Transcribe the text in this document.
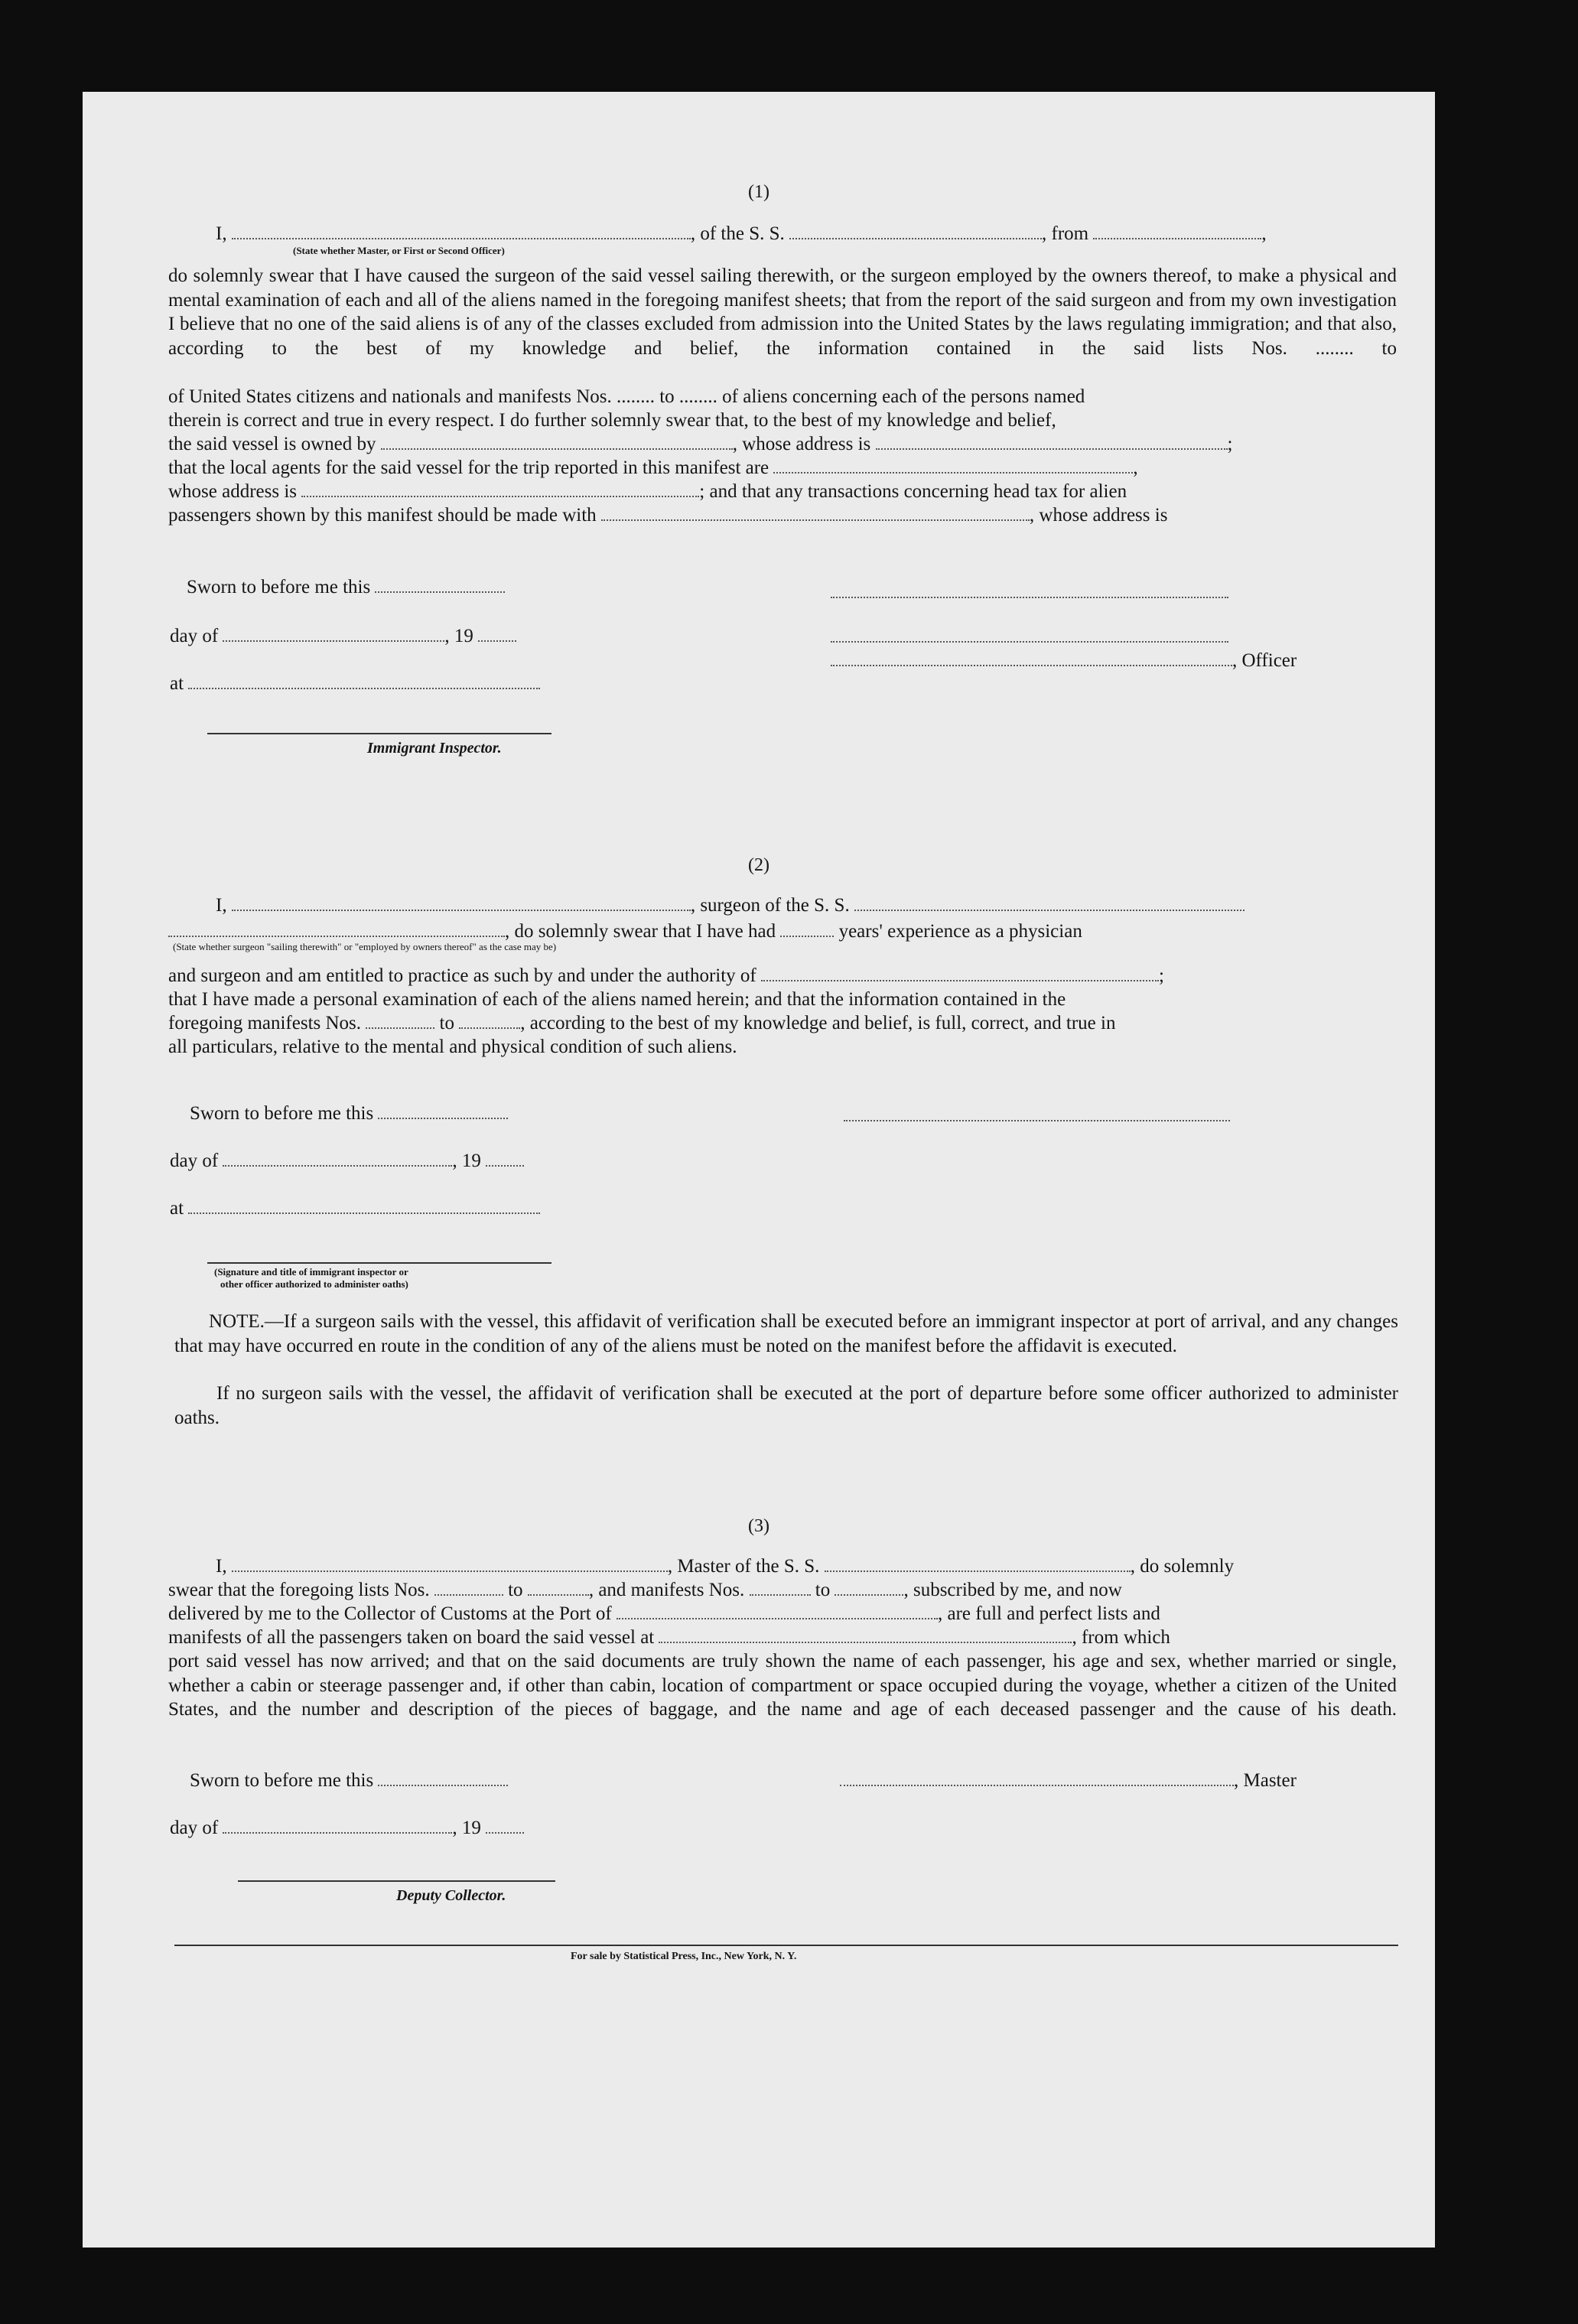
(1)
I,	, of the S. S.	, from	,
(State whether Master, or First or Second Officer)
do solemnly swear that I have caused the surgeon of the said vessel sailing therewith, or the surgeon employed by the owners thereof, to make a physical and mental examination of each and all of the aliens named in the foregoing manifest sheets; that from the report of the said surgeon and from my own investigation I believe that no one of the said aliens is of any of the classes excluded from admission into the United States by the laws regulating immigration; and that also, according to the best of my knowledge and belief, the information contained in the said lists Nos. ........ to
of United States citizens and nationals and manifests Nos. ........ to ........ of aliens concerning each of the persons named
therein is correct and true in every respect. I do further solemnly swear that, to the best of my knowledge and belief,
the said vessel is owned by	, whose address is	;
that the local agents for the said vessel for the trip reported in this manifest are	,
whose address is	; and that any transactions concerning head tax for alien
passengers shown by this manifest should be made with	, whose address is
Sworn to before me this
day of	, 19
at
Immigrant Inspector.
, Officer
(2)
I,	, surgeon of the S. S.
, do solemnly swear that I have had	years' experience as a physician
(State whether surgeon "sailing therewith" or "employed by owners thereof" as the case may be)
and surgeon and am entitled to practice as such by and under the authority of	;
that I have made a personal examination of each of the aliens named herein; and that the information contained in the
foregoing manifests Nos.	to	, according to the best of my knowledge and belief, is full, correct, and true in
all particulars, relative to the mental and physical condition of such aliens.
Sworn to before me this
day of	, 19
at
(Signature and title of immigrant inspector or
other officer authorized to administer oaths)
NOTE.—If a surgeon sails with the vessel, this affidavit of verification shall be executed before an immigrant inspector at port of arrival, and any changes that may have occurred en route in the condition of any of the aliens must be noted on the manifest before the affidavit is executed.
If no surgeon sails with the vessel, the affidavit of verification shall be executed at the port of departure before some officer authorized to administer oaths.
(3)
I,	, Master of the S. S.	, do solemnly
swear that the foregoing lists Nos.	to	, and manifests Nos.	to	, subscribed by me, and now
delivered by me to the Collector of Customs at the Port of	, are full and perfect lists and
manifests of all the passengers taken on board the said vessel at	, from which
port said vessel has now arrived; and that on the said documents are truly shown the name of each passenger, his age and sex, whether married or single, whether a cabin or steerage passenger and, if other than cabin, location of compartment or space occupied during the voyage, whether a citizen of the United States, and the number and description of the pieces of baggage, and the name and age of each deceased passenger and the cause of his death.
Sworn to before me this	, Master
day of	, 19
Deputy Collector.
For sale by Statistical Press, Inc., New York, N. Y.
